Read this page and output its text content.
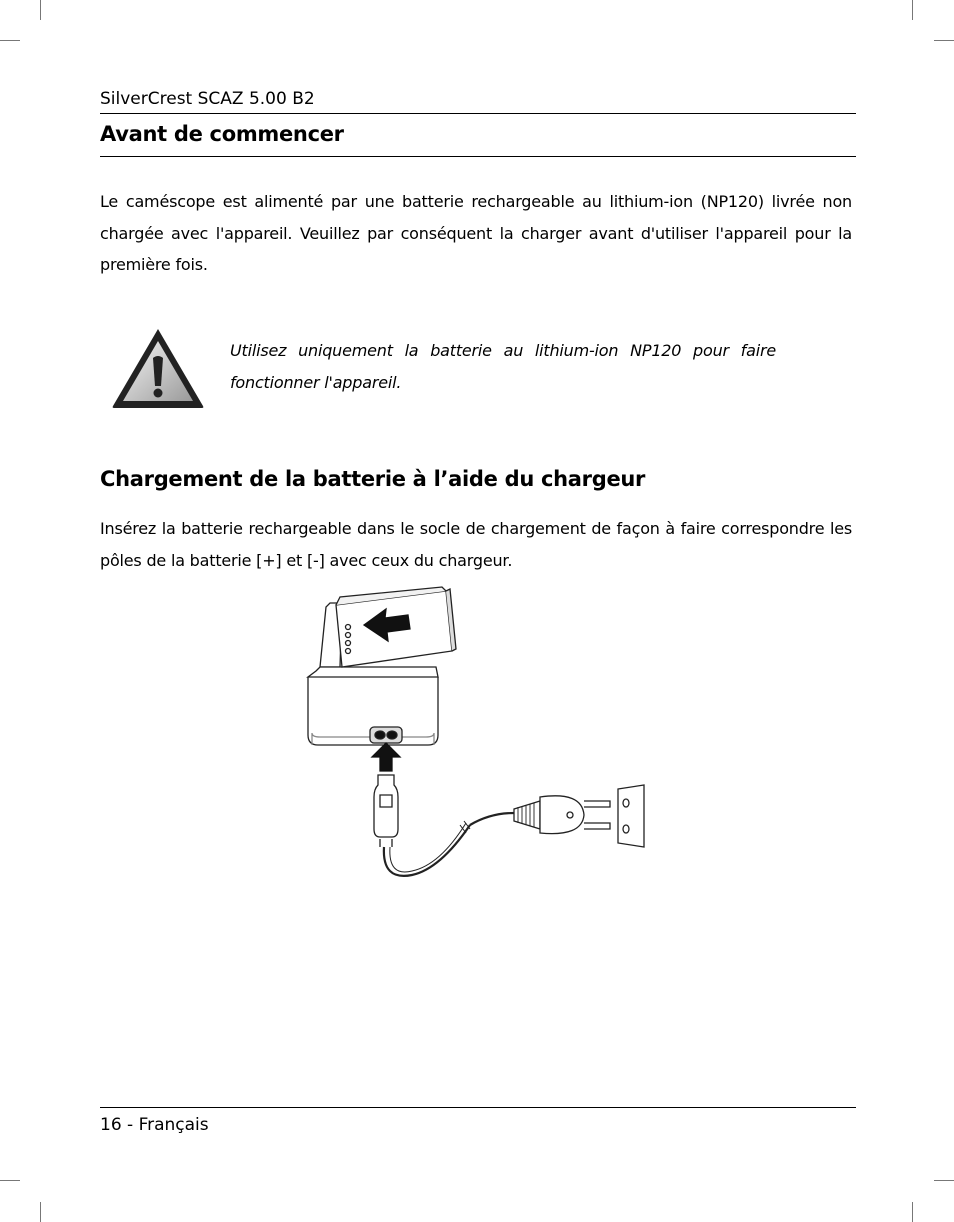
SilverCrest SCAZ 5.00 B2
Avant de commencer
Le caméscope est alimenté par une batterie rechargeable au lithium-ion (NP120) livrée non chargée avec l'appareil. Veuillez par conséquent la charger avant d'utiliser l'appareil pour la première fois.
Utilisez uniquement la batterie au lithium-ion NP120 pour faire fonctionner l'appareil.
Chargement de la batterie à l’aide du chargeur
Insérez la batterie rechargeable dans le socle de chargement de façon à faire correspondre les pôles de la batterie [+] et [-] avec ceux du chargeur.
16 - Français
